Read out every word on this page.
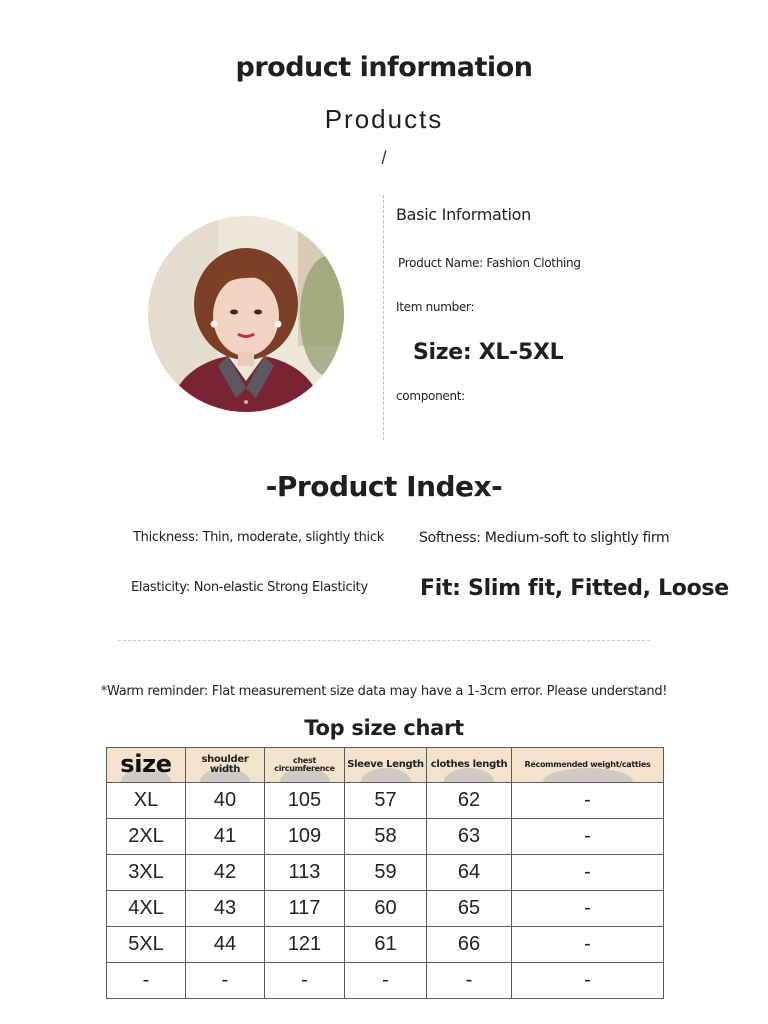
product information
Products
/
Basic Information
Product Name: Fashion Clothing
Item number:
Size: XL-5XL
component:
-Product Index-
Thickness: Thin, moderate, slightly thick	Softness: Medium-soft to slightly firm
Elasticity: Non-elastic Strong Elasticity Fit: Slim fit, Fitted, Loose
*Warm reminder: Flat measurement size data may have a 1-3cm error. Please understand!
Top size chart
size	shoulder width	chest circumference	Sleeve Length	clothes length	Recommended weight/catties

XL	40	105	57	62	-
2XL	41	109	58	63	-
3XL	42	113	59	64	-
4XL	43	117	60	65	-
5XL	44	121	61	66	-
-	-	-	-	-	-
